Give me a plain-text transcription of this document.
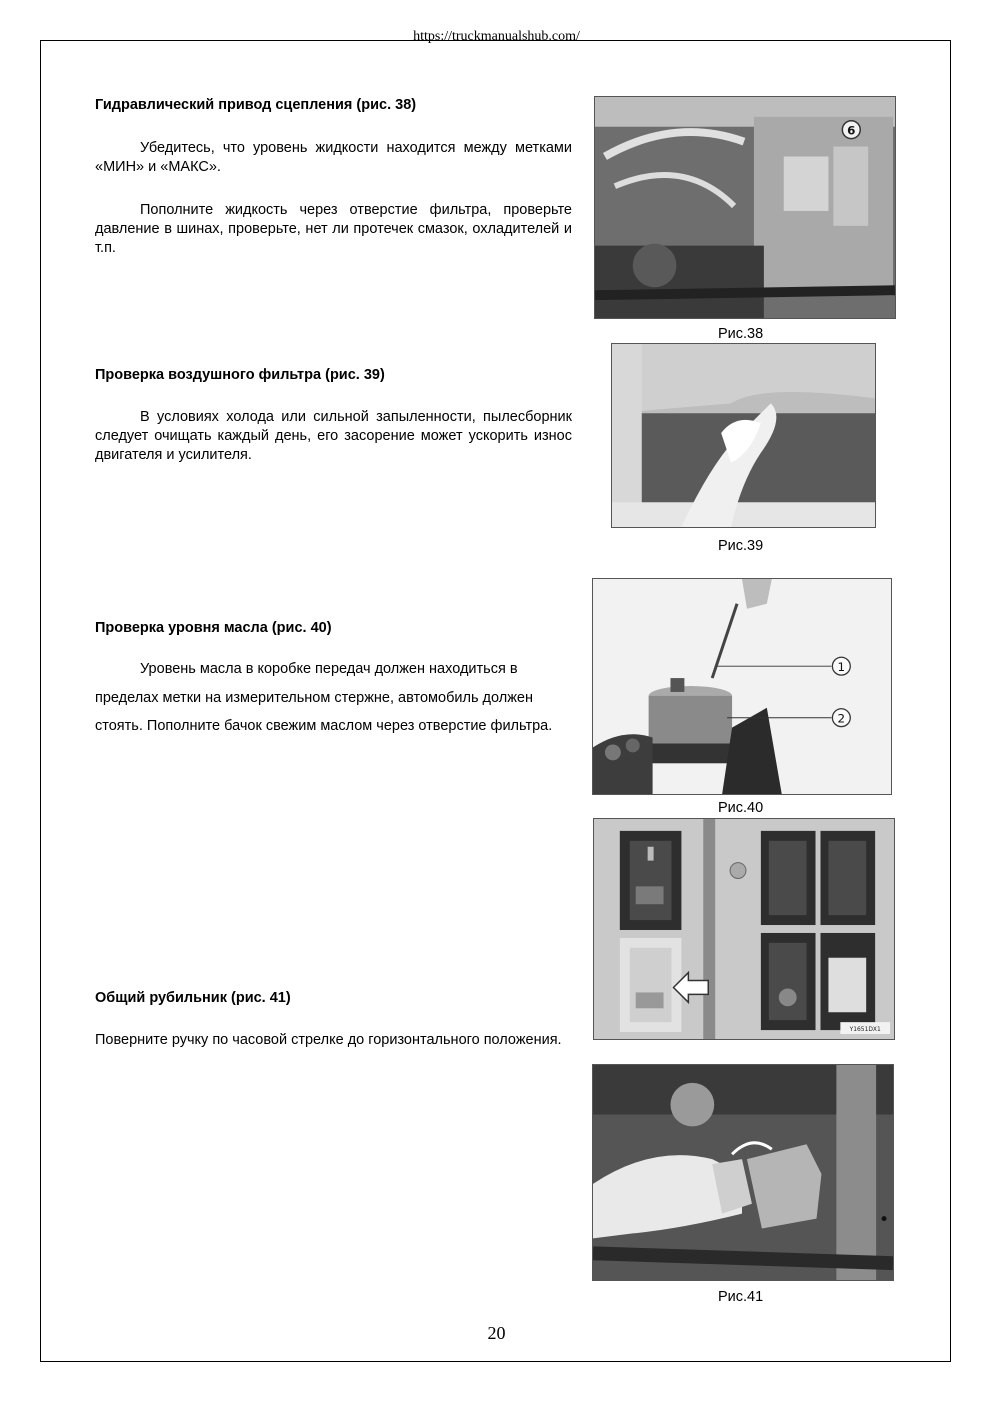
https://truckmanualshub.com/
Гидравлический привод сцепления (рис. 38)
Убедитесь, что уровень жидкости находится между метками «МИН» и «МАКС».
Пополните жидкость через отверстие фильтра, проверьте давление в шинах, проверьте, нет ли протечек смазок, охладителей и т.п.
Проверка воздушного фильтра (рис. 39)
В условиях холода или сильной запыленности, пылесборник следует очищать каждый день, его засорение может ускорить износ двигателя и усилителя.
Проверка уровня масла (рис. 40)
Уровень масла в коробке передач должен находиться в пределах метки на измерительном стержне, автомобиль должен стоять. Пополните бачок свежим маслом через отверстие фильтра.
Общий рубильник (рис. 41)
Поверните ручку по часовой стрелке до горизонтального положения.
6
Рис.38
Рис.39
1
2
Рис.40
Y1651DX1
Рис.41
20
